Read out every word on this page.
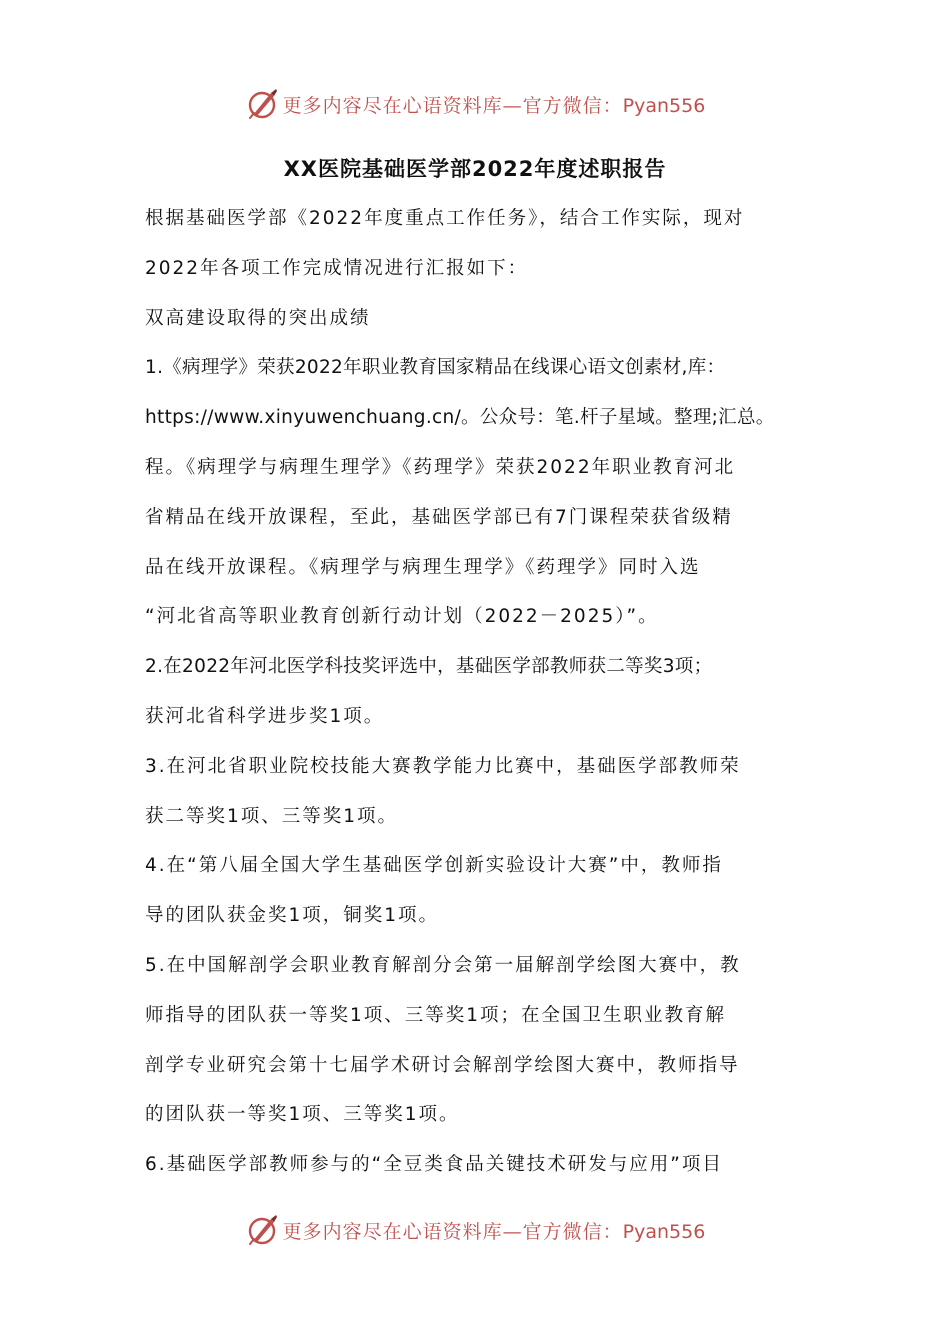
更多内容尽在心语资料库—官方微信：Pyan556
XX医院基础医学部2022年度述职报告
根据基础医学部《2022年度重点工作任务》，结合工作实际，现对
2022年各项工作完成情况进行汇报如下：
双高建设取得的突出成绩
1.《病理学》荣获2022年职业教育国家精品在线课心语文创素材,库：
https://www.xinyuwenchuang.cn/。公众号：笔.杆子星域。整理;汇总。
程。《病理学与病理生理学》《药理学》荣获2022年职业教育河北
省精品在线开放课程，至此，基础医学部已有7门课程荣获省级精
品在线开放课程。《病理学与病理生理学》《药理学》同时入选
“河北省高等职业教育创新行动计划（2022－2025）”。
2.在2022年河北医学科技奖评选中，基础医学部教师获二等奖3项；
获河北省科学进步奖1项。
3.在河北省职业院校技能大赛教学能力比赛中，基础医学部教师荣
获二等奖1项、三等奖1项。
4.在“第八届全国大学生基础医学创新实验设计大赛”中，教师指
导的团队获金奖1项，铜奖1项。
5.在中国解剖学会职业教育解剖分会第一届解剖学绘图大赛中，教
师指导的团队获一等奖1项、三等奖1项；在全国卫生职业教育解
剖学专业研究会第十七届学术研讨会解剖学绘图大赛中，教师指导
的团队获一等奖1项、三等奖1项。
6.基础医学部教师参与的“全豆类食品关键技术研发与应用”项目
更多内容尽在心语资料库—官方微信：Pyan556
